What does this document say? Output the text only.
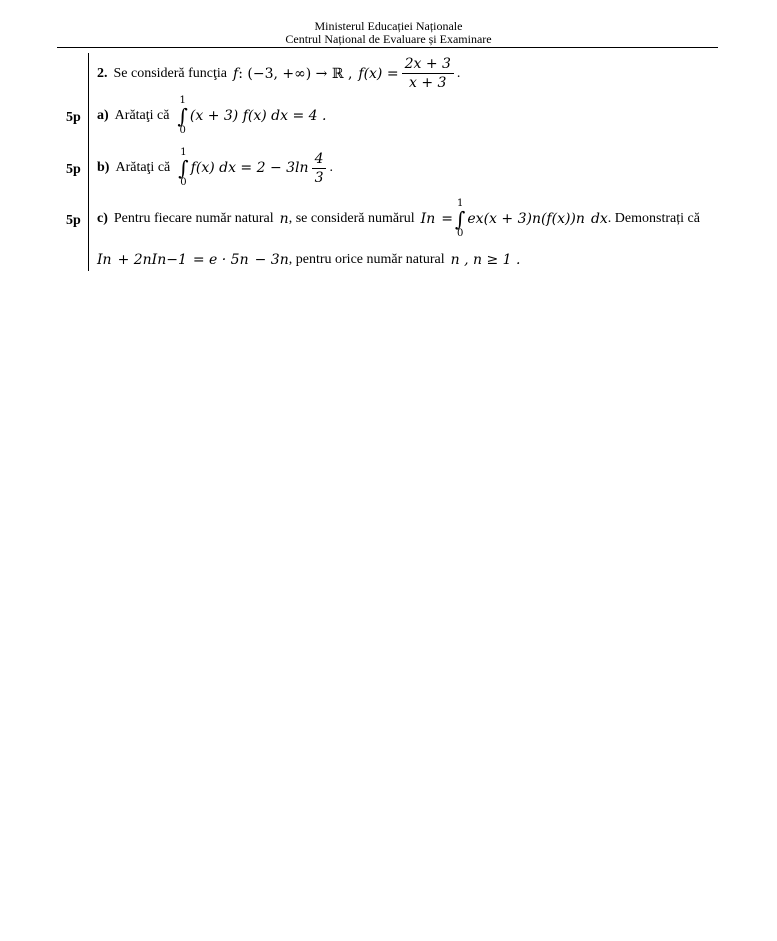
Ministerul Educației Naționale
Centrul Național de Evaluare și Examinare
2. Se consideră funcţia f : (−3, +∞) → ℝ , $f(x) = \frac{2x + 3}{x + 3}$ .
5p a) Arătaţi că
1
∫
0
(x + 3) f(x) dx = 4 .
5p b) Arătaţi că
1
∫
0
f(x) dx = $2 - 3\ln \frac{4}{3}$ .
5p c) Pentru fiecare număr natural n , se consideră numărul I n =
1
∫
0
e x (x + 3) n (f(x)) n dx . Demonstrați că
I n + 2nI n−1 = e · 5 n − 3 n , pentru orice număr natural n , n ≥ 1 .
